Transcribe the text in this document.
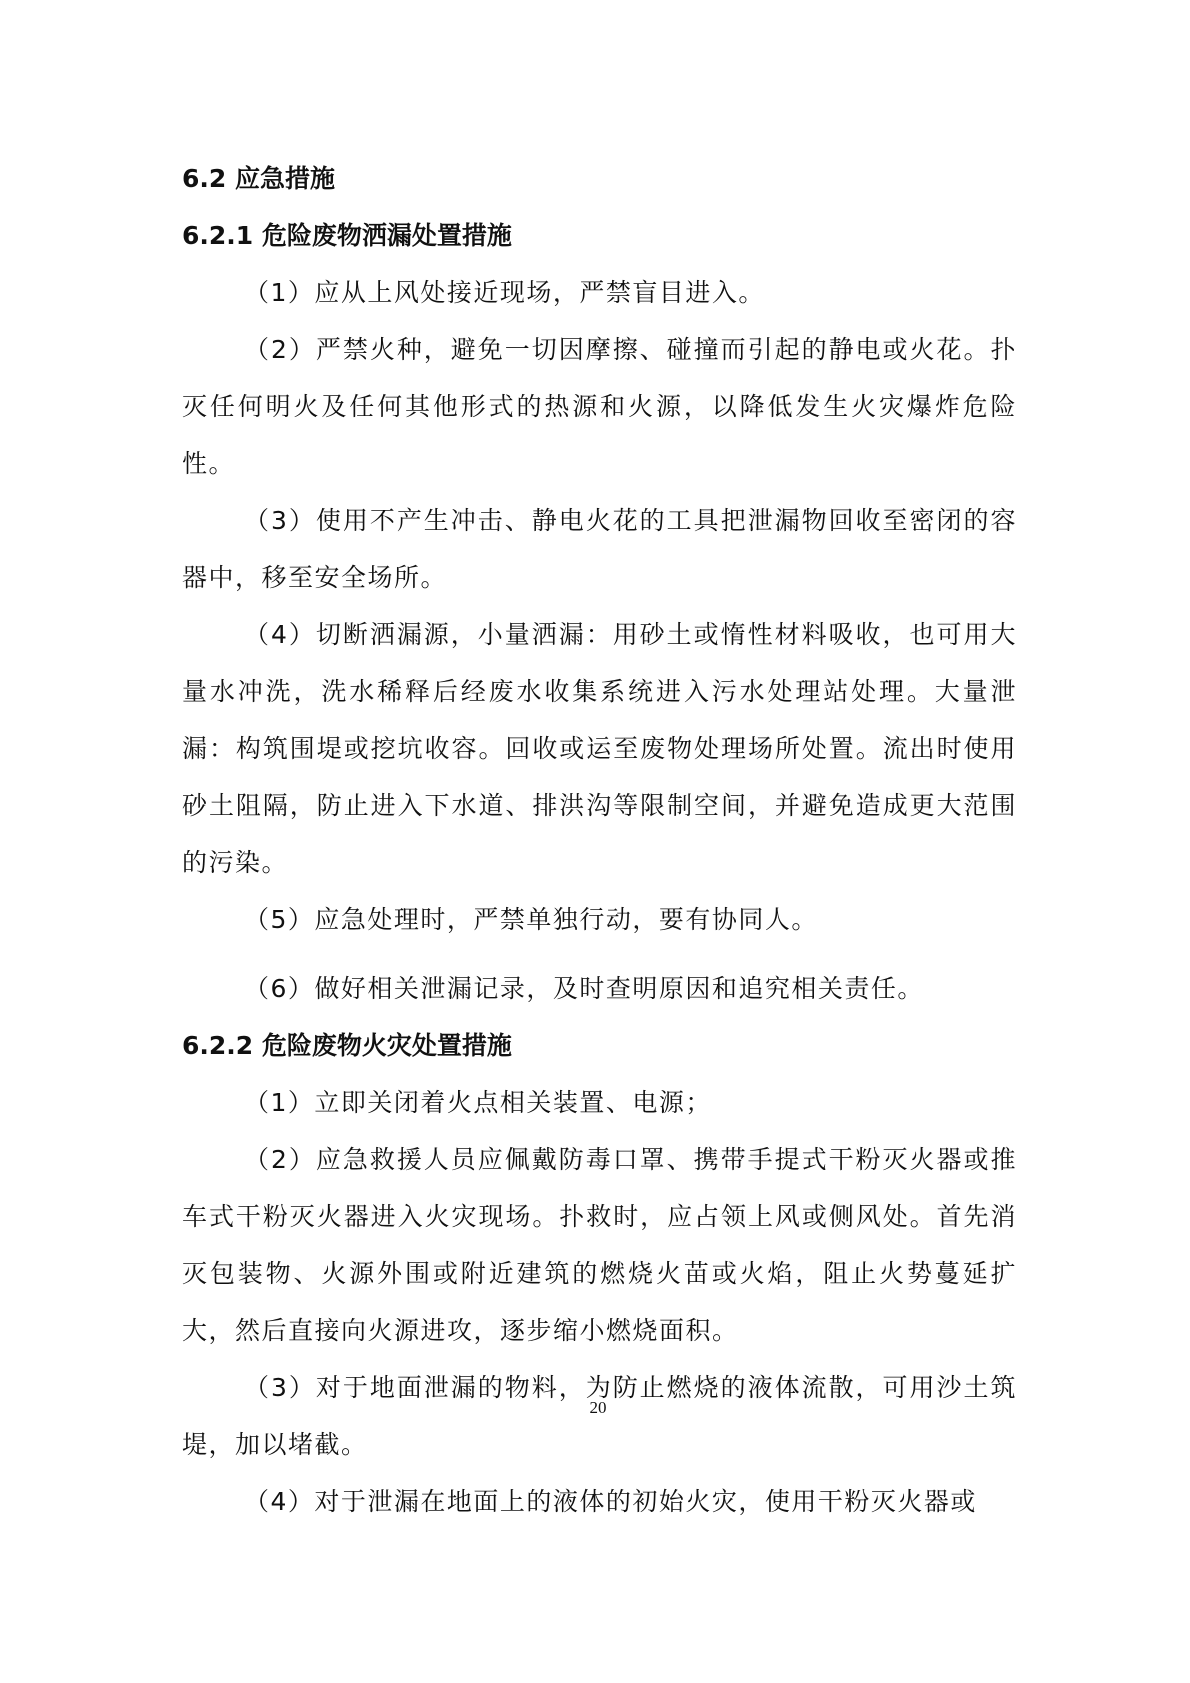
6.2 应急措施
6.2.1 危险废物洒漏处置措施

（1）应从上风处接近现场，严禁盲目进入。

（2）严禁火种，避免一切因摩擦、碰撞而引起的静电或火花。扑灭任何明火及任何其他形式的热源和火源，以降低发生火灾爆炸危险性。

（3）使用不产生冲击、静电火花的工具把泄漏物回收至密闭的容器中，移至安全场所。

（4）切断洒漏源，小量洒漏：用砂土或惰性材料吸收，也可用大量水冲洗，洗水稀释后经废水收集系统进入污水处理站处理。大量泄漏：构筑围堤或挖坑收容。回收或运至废物处理场所处置。流出时使用砂土阻隔，防止进入下水道、排洪沟等限制空间，并避免造成更大范围的污染。

（5）应急处理时，严禁单独行动，要有协同人。

（6）做好相关泄漏记录，及时查明原因和追究相关责任。

6.2.2 危险废物火灾处置措施

（1）立即关闭着火点相关装置、电源；

（2）应急救援人员应佩戴防毒口罩、携带手提式干粉灭火器或推车式干粉灭火器进入火灾现场。扑救时，应占领上风或侧风处。首先消灭包装物、火源外围或附近建筑的燃烧火苗或火焰，阻止火势蔓延扩大，然后直接向火源进攻，逐步缩小燃烧面积。

（3）对于地面泄漏的物料，为防止燃烧的液体流散，可用沙土筑堤，加以堵截。

（4）对于泄漏在地面上的液体的初始火灾，使用干粉灭火器或

20
